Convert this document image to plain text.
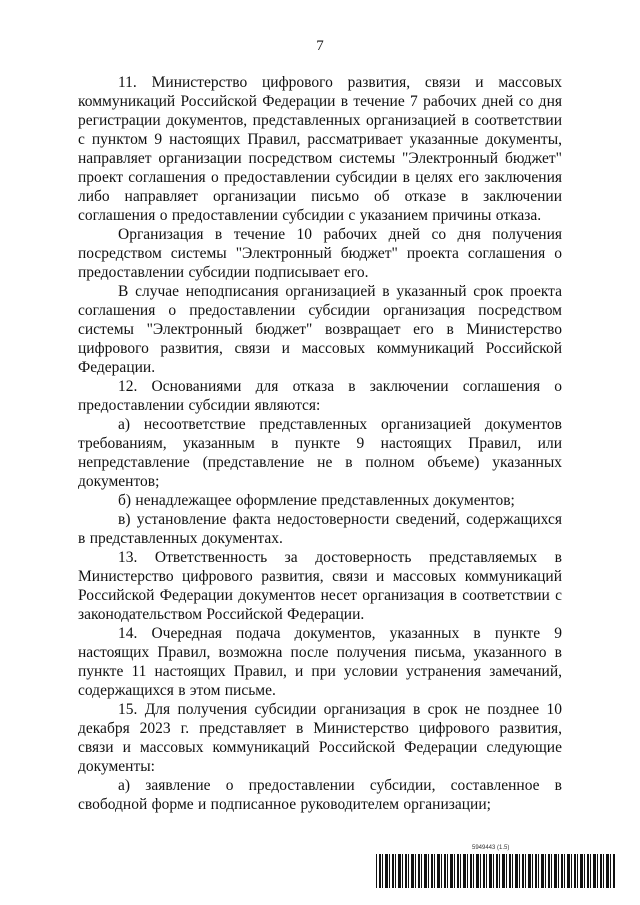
7

11. Министерство цифрового развития, связи и массовых коммуникаций Российской Федерации в течение 7 рабочих дней со дня регистрации документов, представленных организацией в соответствии с пунктом 9 настоящих Правил, рассматривает указанные документы, направляет организации посредством системы "Электронный бюджет" проект соглашения о предоставлении субсидии в целях его заключения либо направляет организации письмо об отказе в заключении соглашения о предоставлении субсидии с указанием причины отказа.

Организация в течение 10 рабочих дней со дня получения посредством системы "Электронный бюджет" проекта соглашения о предоставлении субсидии подписывает его.

В случае неподписания организацией в указанный срок проекта соглашения о предоставлении субсидии организация посредством системы "Электронный бюджет" возвращает его в Министерство цифрового развития, связи и массовых коммуникаций Российской Федерации.

12. Основаниями для отказа в заключении соглашения о предоставлении субсидии являются:

а) несоответствие представленных организацией документов требованиям, указанным в пункте 9 настоящих Правил, или непредставление (представление не в полном объеме) указанных документов;

б) ненадлежащее оформление представленных документов;

в) установление факта недостоверности сведений, содержащихся в представленных документах.

13. Ответственность за достоверность представляемых в Министерство цифрового развития, связи и массовых коммуникаций Российской Федерации документов несет организация в соответствии с законодательством Российской Федерации.

14. Очередная подача документов, указанных в пункте 9 настоящих Правил, возможна после получения письма, указанного в пункте 11 настоящих Правил, и при условии устранения замечаний, содержащихся в этом письме.

15. Для получения субсидии организация в срок не позднее 10 декабря 2023 г. представляет в Министерство цифрового развития, связи и массовых коммуникаций Российской Федерации следующие документы:

а) заявление о предоставлении субсидии, составленное в свободной форме и подписанное руководителем организации;

5949443 (1.5)
